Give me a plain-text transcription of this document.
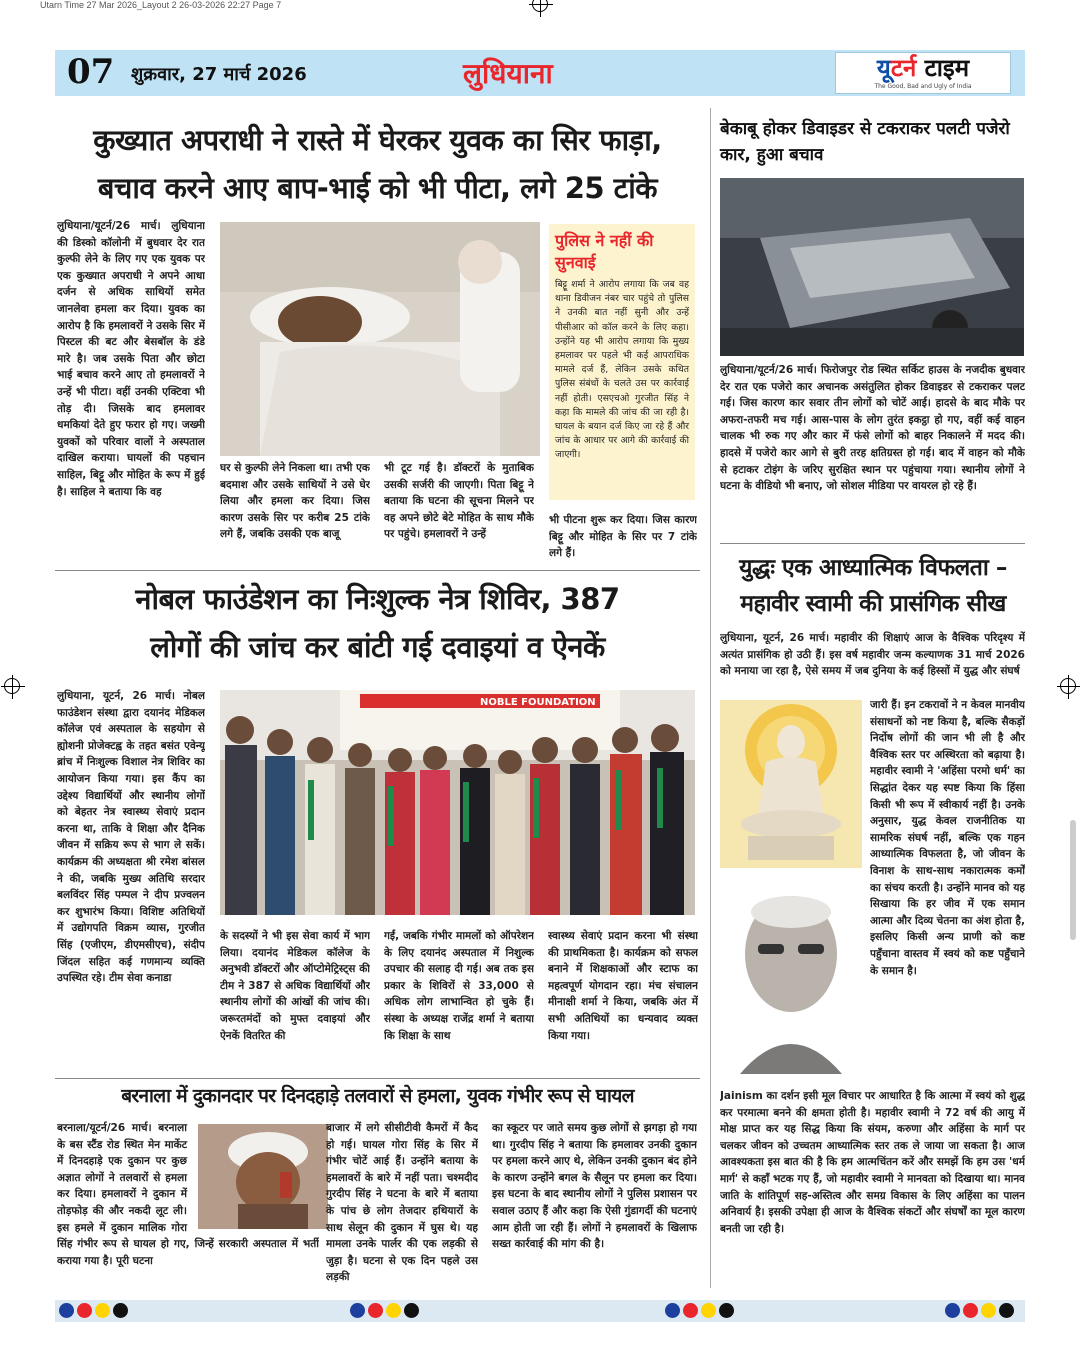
Utarn Time 27 Mar 2026_Layout 2 26-03-2026 22:27 Page 7
07 शुक्रवार, 27 मार्च 2026	लुधियाना	यूटर्न टाइम
The Good, Bad and Ugly of India
कुख्यात अपराधी ने रास्ते में घेरकर युवक का सिर फाड़ा,
बचाव करने आए बाप-भाई को भी पीटा, लगे 25 टांके
लुधियाना/यूटर्न/26 मार्च। लुधियाना की डिस्को कॉलोनी में बुधवार देर रात कुल्फी लेने के लिए गए एक युवक पर एक कुख्यात अपराधी ने अपने आधा दर्जन से अधिक साथियों समेत जानलेवा हमला कर दिया। युवक का आरोप है कि हमलावरों ने उसके सिर में पिस्टल की बट और बेसबॉल के डंडे मारे है। जब उसके पिता और छोटा भाई बचाव करने आए तो हमलावरों ने उन्हें भी पीटा। वहीं उनकी एक्टिवा भी तोड़ दी। जिसके बाद हमलावर धमकियां देते हुए फरार हो गए। जख्मी युवकों को परिवार वालों ने अस्पताल दाखिल कराया। घायलों की पहचान साहिल, बिट्टू और मोहित के रूप में हुई है। साहिल ने बताया कि वह
पुलिस ने नहीं की सुनवाई
बिट्टू शर्मा ने आरोप लगाया कि जब वह थाना डिवीजन नंबर चार पहुंचे तो पुलिस ने उनकी बात नहीं सुनी और उन्हें पीसीआर को कॉल करने के लिए कहा। उन्होंने यह भी आरोप लगाया कि मुख्य हमलावर पर पहले भी कई आपराधिक मामले दर्ज हैं, लेकिन उसके कथित पुलिस संबंधों के चलते उस पर कार्रवाई नहीं होती। एसएचओ गुरजीत सिंह ने कहा कि मामले की जांच की जा रही है। घायल के बयान दर्ज किए जा रहे हैं और जांच के आधार पर आगे की कार्रवाई की जाएगी।
घर से कुल्फी लेने निकला था। तभी एक बदमाश और उसके साथियों ने उसे घेर लिया और हमला कर दिया। जिस कारण उसके सिर पर करीब 25 टांके लगे हैं, जबकि उसकी एक बाजू
भी टूट गई है। डॉक्टरों के मुताबिक उसकी सर्जरी की जाएगी। पिता बिट्टू ने बताया कि घटना की सूचना मिलने पर वह अपने छोटे बेटे मोहित के साथ मौके पर पहुंचे। हमलावरों ने उन्हें
भी पीटना शुरू कर दिया। जिस कारण बिट्टू और मोहित के सिर पर 7 टांके लगे हैं।
बेकाबू होकर डिवाइडर से टकराकर पलटी पजेरो कार, हुआ बचाव
लुधियाना/यूटर्न/26 मार्च। फिरोजपुर रोड स्थित सर्किट हाउस के नजदीक बुधवार देर रात एक पजेरो कार अचानक असंतुलित होकर डिवाइडर से टकराकर पलट गई। जिस कारण कार सवार तीन लोगों को चोटें आई। हादसे के बाद मौके पर अफरा-तफरी मच गई। आस-पास के लोग तुरंत इकट्ठा हो गए, वहीं कई वाहन चालक भी रुक गए और कार में फंसे लोगों को बाहर निकालने में मदद की। हादसे में पजेरो कार आगे से बुरी तरह क्षतिग्रस्त हो गई। बाद में वाहन को मौके से हटाकर टोइंग के जरिए सुरक्षित स्थान पर पहुंचाया गया। स्थानीय लोगों ने घटना के वीडियो भी बनाए, जो सोशल मीडिया पर वायरल हो रहे हैं।
नोबल फाउंडेशन का निःशुल्क नेत्र शिविर, 387
लोगों की जांच कर बांटी गई दवाइयां व ऐनकें
लुधियाना, यूटर्न, 26 मार्च। नोबल फाउंडेशन संस्था द्वारा दयानंद मेडिकल कॉलेज एवं अस्पताल के सहयोग से ह्योशनी प्रोजेक्टह्व के तहत बसंत एवेन्यू ब्रांच में निःशुल्क विशाल नेत्र शिविर का आयोजन किया गया। इस कैंप का उद्देश्य विद्यार्थियों और स्थानीय लोगों को बेहतर नेत्र स्वास्थ्य सेवाएं प्रदान करना था, ताकि वे शिक्षा और दैनिक जीवन में सक्रिय रूप से भाग ले सकें। कार्यक्रम की अध्यक्षता श्री रमेश बांसल ने की, जबकि मुख्य अतिथि सरदार बलविंदर सिंह पम्पल ने दीप प्रज्वलन कर शुभारंभ किया। विशिष्ट अतिथियों में उद्योगपति विक्रम व्यास, गुरजीत सिंह (एजीएम, डीएमसीएच), संदीप जिंदल सहित कई गणमान्य व्यक्ति उपस्थित रहे। टीम सेवा कनाडा
NOBLE FOUNDATION
के सदस्यों ने भी इस सेवा कार्य में भाग लिया। दयानंद मेडिकल कॉलेज के अनुभवी डॉक्टरों और ऑप्टोमेट्रिस्ट्स की टीम ने 387 से अधिक विद्यार्थियों और स्थानीय लोगों की आंखों की जांच की। जरूरतमंदों को मुफ्त दवाइयां और ऐनकें वितरित की
गईं, जबकि गंभीर मामलों को ऑपरेशन के लिए दयानंद अस्पताल में निशुल्क उपचार की सलाह दी गई। अब तक इस प्रकार के शिविरों से 33,000 से अधिक लोग लाभान्वित हो चुके हैं। संस्था के अध्यक्ष राजेंद्र शर्मा ने बताया कि शिक्षा के साथ
स्वास्थ्य सेवाएं प्रदान करना भी संस्था की प्राथमिकता है। कार्यक्रम को सफल बनाने में शिक्षकाओं और स्टाफ का महत्वपूर्ण योगदान रहा। मंच संचालन मीनाक्षी शर्मा ने किया, जबकि अंत में सभी अतिथियों का धन्यवाद व्यक्त किया गया।
युद्धः एक आध्यात्मिक विफलता –
महावीर स्वामी की प्रासंगिक सीख
लुधियाना, यूटर्न, 26 मार्च। महावीर की शिक्षाएं आज के वैश्विक परिदृश्य में अत्यंत प्रासंगिक हो उठी हैं। इस वर्ष महावीर जन्म कल्याणक 31 मार्च 2026 को मनाया जा रहा है, ऐसे समय में जब दुनिया के कई हिस्सों में युद्ध और संघर्ष
जारी हैं। इन टकरावों ने न केवल मानवीय संसाधनों को नष्ट किया है, बल्कि सैकड़ों निर्दोष लोगों की जान भी ली है और वैश्विक स्तर पर अस्थिरता को बढ़ाया है। महावीर स्वामी ने 'अहिंसा परमो धर्म' का सिद्धांत देकर यह स्पष्ट किया कि हिंसा किसी भी रूप में स्वीकार्य नहीं है। उनके अनुसार, युद्ध केवल राजनीतिक या सामरिक संघर्ष नहीं, बल्कि एक गहन आध्यात्मिक विफलता है, जो जीवन के विनाश के साथ-साथ नकारात्मक कर्मों का संचय करती है। उन्होंने मानव को यह सिखाया कि हर जीव में एक समान आत्मा और दिव्य चेतना का अंश होता है, इसलिए किसी अन्य प्राणी को कष्ट पहुँचाना वास्तव में स्वयं को कष्ट पहुँचाने के समान है।
Jainism का दर्शन इसी मूल विचार पर आधारित है कि आत्मा में स्वयं को शुद्ध कर परमात्मा बनने की क्षमता होती है। महावीर स्वामी ने 72 वर्ष की आयु में मोक्ष प्राप्त कर यह सिद्ध किया कि संयम, करुणा और अहिंसा के मार्ग पर चलकर जीवन को उच्चतम आध्यात्मिक स्तर तक ले जाया जा सकता है। आज आवश्यकता इस बात की है कि हम आत्मचिंतन करें और समझें कि हम उस 'धर्म मार्ग' से कहाँ भटक गए हैं, जो महावीर स्वामी ने मानवता को दिखाया था। मानव जाति के शांतिपूर्ण सह-अस्तित्व और समग्र विकास के लिए अहिंसा का पालन अनिवार्य है। इसकी उपेक्षा ही आज के वैश्विक संकटों और संघर्षों का मूल कारण बनती जा रही है।
बरनाला में दुकानदार पर दिनदहाड़े तलवारों से हमला, युवक गंभीर रूप से घायल
बरनाला/यूटर्न/26 मार्च। बरनाला के बस स्टैंड रोड स्थित मेन मार्केट में दिनदहाड़े एक दुकान पर कुछ अज्ञात लोगों ने तलवारों से हमला कर दिया। हमलावरों ने दुकान में तोड़फोड़ की और नकदी लूट ली। इस हमले में दुकान मालिक गोरा सिंह गंभीर रूप से घायल हो गए, जिन्हें सरकारी अस्पताल में भर्ती कराया गया है। पूरी घटना
बाजार में लगे सीसीटीवी कैमरों में कैद हो गई। घायल गोरा सिंह के सिर में गंभीर चोटें आई हैं। उन्होंने बताया के हमलावरों के बारे में नहीं पता। चश्मदीद गुरदीप सिंह ने घटना के बारे में बताया के पांच छे लोग तेजदार हथियारों के साथ सेलून की दुकान में घुस थे। यह मामला उनके पार्लर की एक लड़की से जुड़ा है। घटना से एक दिन पहले उस लड़की
का स्कूटर पर जाते समय कुछ लोगों से झगड़ा हो गया था। गुरदीप सिंह ने बताया कि हमलावर उनकी दुकान पर हमला करने आए थे, लेकिन उनकी दुकान बंद होने के कारण उन्होंने बगल के सैलून पर हमला कर दिया। इस घटना के बाद स्थानीय लोगों ने पुलिस प्रशासन पर सवाल उठाए हैं और कहा कि ऐसी गुंडागर्दी की घटनाएं आम होती जा रही हैं। लोगों ने हमलावरों के खिलाफ सख्त कार्रवाई की मांग की है।
